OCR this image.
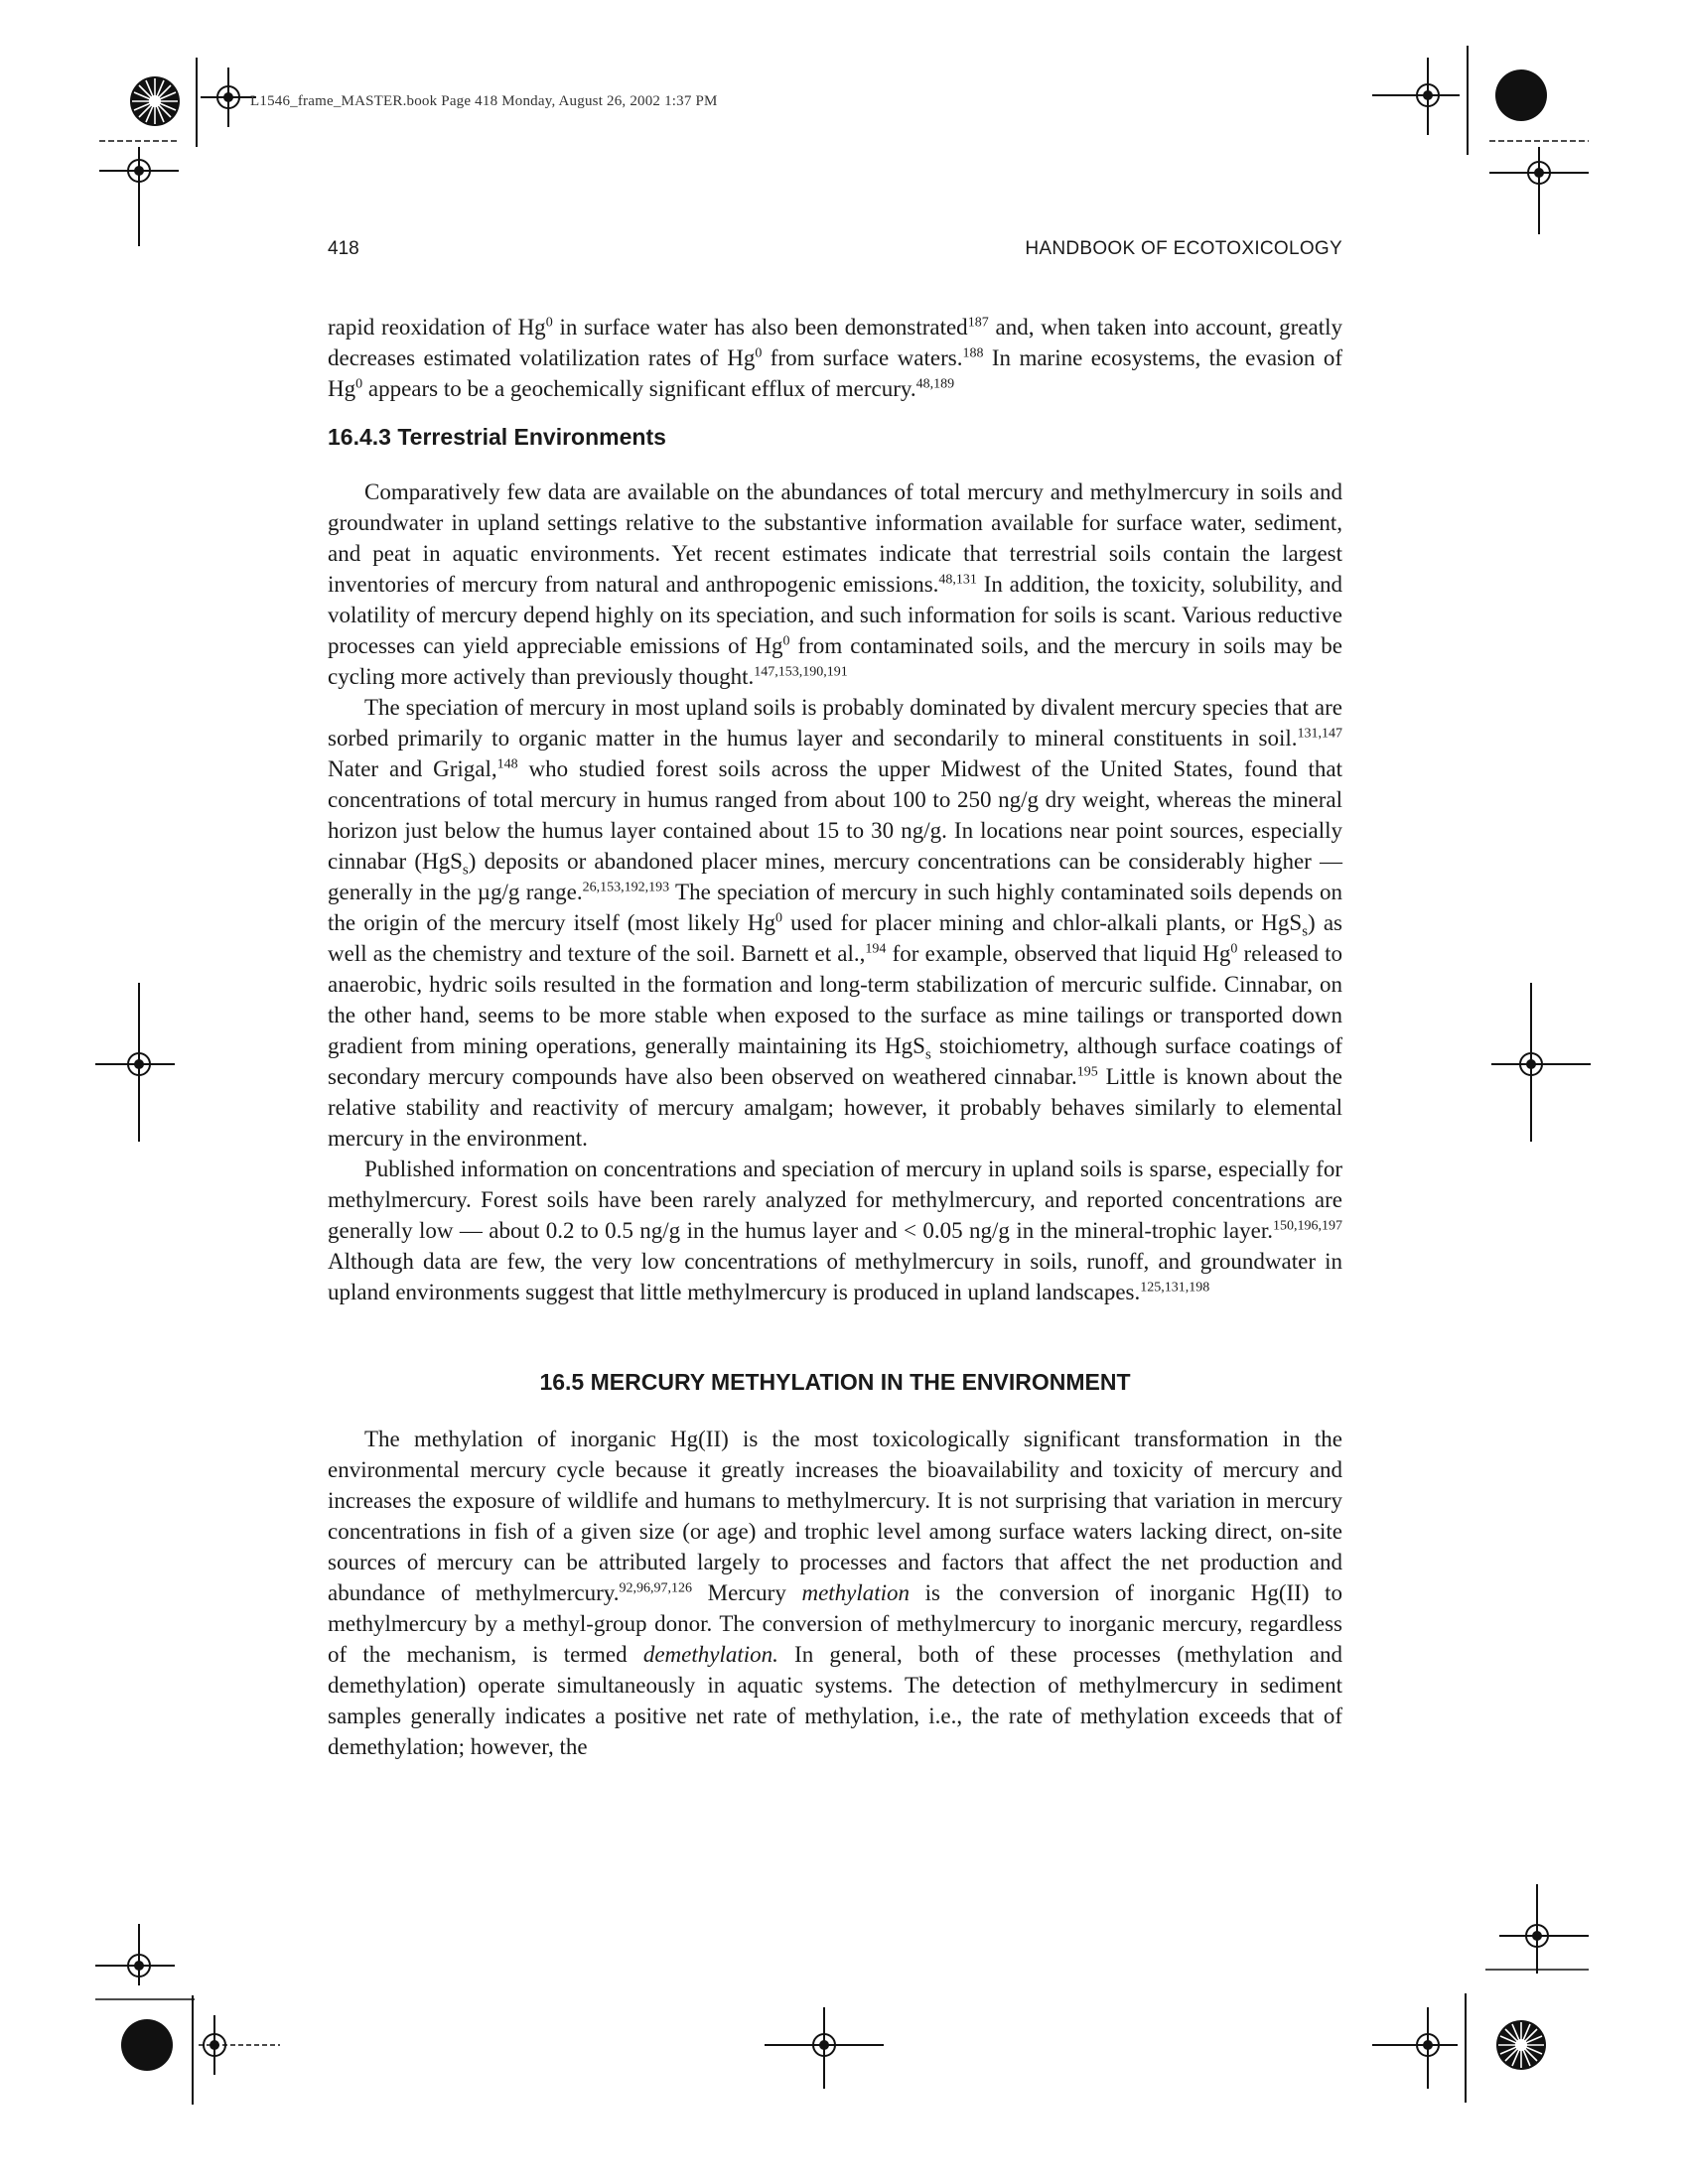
L1546_frame_MASTER.book Page 418 Monday, August 26, 2002 1:37 PM
418	HANDBOOK OF ECOTOXICOLOGY

rapid reoxidation of Hg$^0$ in surface water has also been demonstrated$^{187}$ and, when taken into account, greatly decreases estimated volatilization rates of Hg$^0$ from surface waters.$^{188}$ In marine ecosystems, the evasion of Hg$^0$ appears to be a geochemically significant efflux of mercury.$^{48,189}$

16.4.3 Terrestrial Environments

Comparatively few data are available on the abundances of total mercury and methylmercury in soils and groundwater in upland settings relative to the substantive information available for surface water, sediment, and peat in aquatic environments. Yet recent estimates indicate that terrestrial soils contain the largest inventories of mercury from natural and anthropogenic emissions.$^{48,131}$ In addition, the toxicity, solubility, and volatility of mercury depend highly on its speciation, and such information for soils is scant. Various reductive processes can yield appreciable emissions of Hg$^0$ from contaminated soils, and the mercury in soils may be cycling more actively than previously thought.$^{147,153,190,191}$

The speciation of mercury in most upland soils is probably dominated by divalent mercury species that are sorbed primarily to organic matter in the humus layer and secondarily to mineral constituents in soil.$^{131,147}$ Nater and Grigal,$^{148}$ who studied forest soils across the upper Midwest of the United States, found that concentrations of total mercury in humus ranged from about 100 to 250 ng/g dry weight, whereas the mineral horizon just below the humus layer contained about 15 to 30 ng/g. In locations near point sources, especially cinnabar (HgS$_s$) deposits or abandoned placer mines, mercury concentrations can be considerably higher — generally in the µg/g range.$^{26,153,192,193}$ The speciation of mercury in such highly contaminated soils depends on the origin of the mercury itself (most likely Hg$^0$ used for placer mining and chlor-alkali plants, or HgS$_s$) as well as the chemistry and texture of the soil. Barnett et al.,$^{194}$ for example, observed that liquid Hg$^0$ released to anaerobic, hydric soils resulted in the formation and long-term stabilization of mercuric sulfide. Cinnabar, on the other hand, seems to be more stable when exposed to the surface as mine tailings or transported down gradient from mining operations, generally maintaining its HgS$_s$ stoichiometry, although surface coatings of secondary mercury compounds have also been observed on weathered cinnabar.$^{195}$ Little is known about the relative stability and reactivity of mercury amalgam; however, it probably behaves similarly to elemental mercury in the environment.

Published information on concentrations and speciation of mercury in upland soils is sparse, especially for methylmercury. Forest soils have been rarely analyzed for methylmercury, and reported concentrations are generally low — about 0.2 to 0.5 ng/g in the humus layer and < 0.05 ng/g in the mineral-trophic layer.$^{150,196,197}$ Although data are few, the very low concentrations of methylmercury in soils, runoff, and groundwater in upland environments suggest that little methylmercury is produced in upland landscapes.$^{125,131,198}$

16.5 MERCURY METHYLATION IN THE ENVIRONMENT

The methylation of inorganic Hg(II) is the most toxicologically significant transformation in the environmental mercury cycle because it greatly increases the bioavailability and toxicity of mercury and increases the exposure of wildlife and humans to methylmercury. It is not surprising that variation in mercury concentrations in fish of a given size (or age) and trophic level among surface waters lacking direct, on-site sources of mercury can be attributed largely to processes and factors that affect the net production and abundance of methylmercury.$^{92,96,97,126}$ Mercury methylation is the conversion of inorganic Hg(II) to methylmercury by a methyl-group donor. The conversion of methylmercury to inorganic mercury, regardless of the mechanism, is termed demethylation. In general, both of these processes (methylation and demethylation) operate simultaneously in aquatic systems. The detection of methylmercury in sediment samples generally indicates a positive net rate of methylation, i.e., the rate of methylation exceeds that of demethylation; however, the
